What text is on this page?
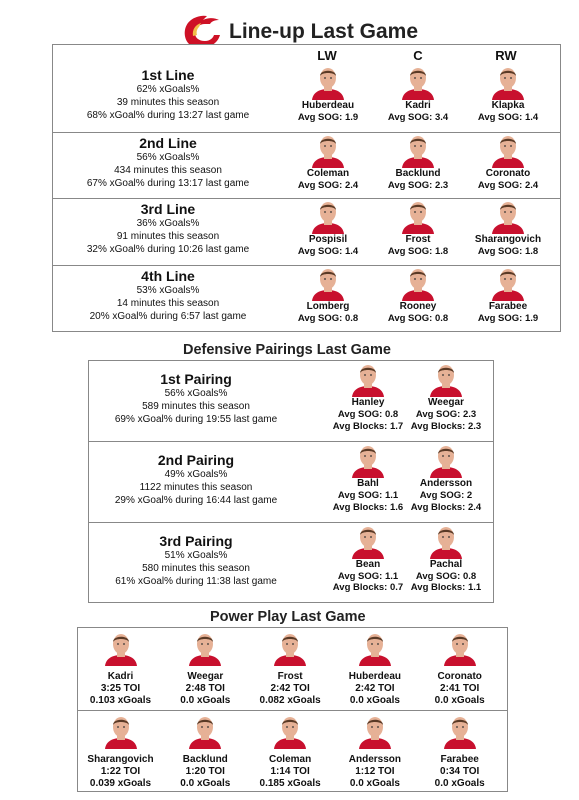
Line-up Last Game
LW	C	RW
1st Line
62% xGoals%
39 minutes this season
68% xGoal% during 13:27 last game
Huberdeau
Avg SOG: 1.9
Kadri
Avg SOG: 3.4
Klapka
Avg SOG: 1.4
2nd Line
56% xGoals%
434 minutes this season
67% xGoal% during 13:17 last game
Coleman
Avg SOG: 2.4
Backlund
Avg SOG: 2.3
Coronato
Avg SOG: 2.4
3rd Line
36% xGoals%
91 minutes this season
32% xGoal% during 10:26 last game
Pospisil
Avg SOG: 1.4
Frost
Avg SOG: 1.8
Sharangovich
Avg SOG: 1.8
4th Line
53% xGoals%
14 minutes this season
20% xGoal% during 6:57 last game
Lomberg
Avg SOG: 0.8
Rooney
Avg SOG: 0.8
Farabee
Avg SOG: 1.9
Defensive Pairings Last Game
1st Pairing
56% xGoals%
589 minutes this season
69% xGoal% during 19:55 last game
Hanley
Avg SOG: 0.8
Avg Blocks: 1.7
Weegar
Avg SOG: 2.3
Avg Blocks: 2.3
2nd Pairing
49% xGoals%
1122 minutes this season
29% xGoal% during 16:44 last game
Bahl
Avg SOG: 1.1
Avg Blocks: 1.6
Andersson
Avg SOG: 2
Avg Blocks: 2.4
3rd Pairing
51% xGoals%
580 minutes this season
61% xGoal% during 11:38 last game
Bean
Avg SOG: 1.1
Avg Blocks: 0.7
Pachal
Avg SOG: 0.8
Avg Blocks: 1.1
Power Play Last Game
Kadri
3:25 TOI
0.103 xGoals
Weegar
2:48 TOI
0.0 xGoals
Frost
2:42 TOI
0.082 xGoals
Huberdeau
2:42 TOI
0.0 xGoals
Coronato
2:41 TOI
0.0 xGoals
Sharangovich
1:22 TOI
0.039 xGoals
Backlund
1:20 TOI
0.0 xGoals
Coleman
1:14 TOI
0.185 xGoals
Andersson
1:12 TOI
0.0 xGoals
Farabee
0:34 TOI
0.0 xGoals
